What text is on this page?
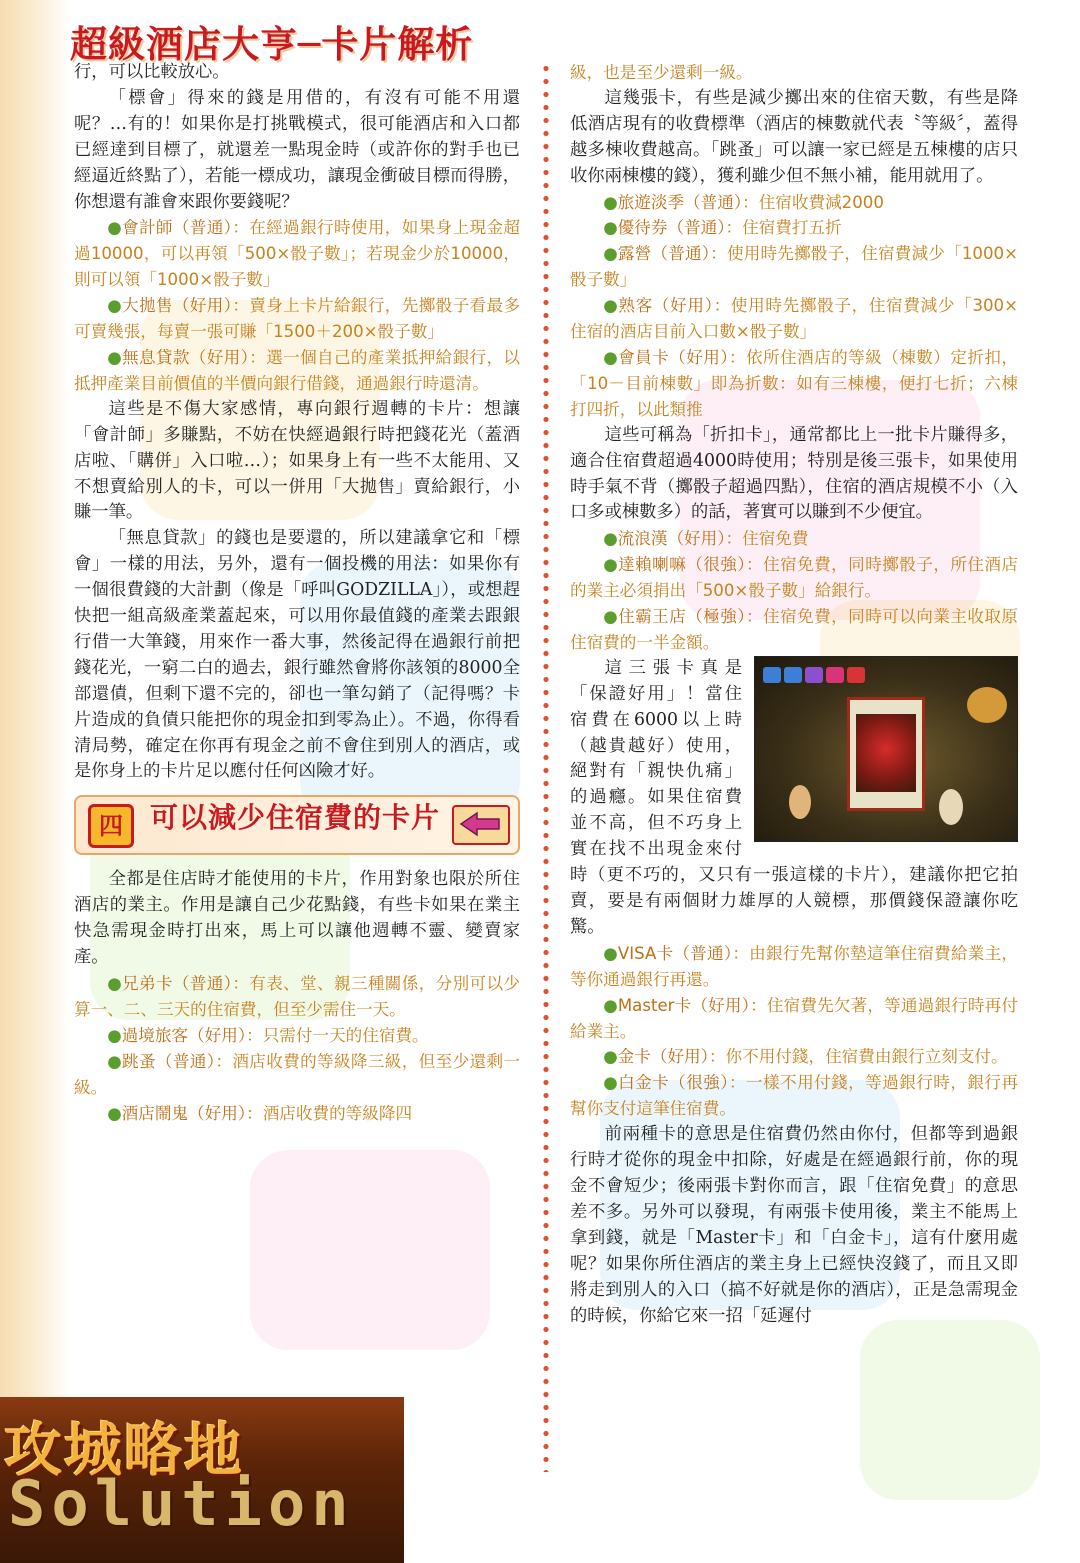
超級酒店大亨─卡片解析

行，可以比較放心。

「標會」得來的錢是用借的，有沒有可能不用還呢？…有的！如果你是打挑戰模式，很可能酒店和入口都已經達到目標了，就還差一點現金時（或許你的對手也已經逼近終點了），若能一標成功，讓現金衝破目標而得勝，你想還有誰會來跟你要錢呢？

●會計師（普通）：在經過銀行時使用，如果身上現金超過10000，可以再領「500×骰子數」；若現金少於10000，則可以領「1000×骰子數」

●大拋售（好用）：賣身上卡片給銀行，先擲骰子看最多可賣幾張，每賣一張可賺「1500＋200×骰子數」

●無息貸款（好用）：選一個自己的產業抵押給銀行，以抵押產業目前價值的半價向銀行借錢，通過銀行時還清。

這些是不傷大家感情，專向銀行週轉的卡片：想讓「會計師」多賺點，不妨在快經過銀行時把錢花光（蓋酒店啦、「購併」入口啦…）；如果身上有一些不太能用、又不想賣給別人的卡，可以一併用「大拋售」賣給銀行，小賺一筆。

「無息貸款」的錢也是要還的，所以建議拿它和「標會」一樣的用法，另外，還有一個投機的用法：如果你有一個很費錢的大計劃（像是「呼叫GODZILLA」），或想趕快把一組高級產業蓋起來，可以用你最值錢的產業去跟銀行借一大筆錢，用來作一番大事，然後記得在過銀行前把錢花光，一窮二白的過去，銀行雖然會將你該領的8000全部還債，但剩下還不完的，卻也一筆勾銷了（記得嗎？卡片造成的負債只能把你的現金扣到零為止）。不過，你得看清局勢，確定在你再有現金之前不會住到別人的酒店，或是你身上的卡片足以應付任何凶險才好。

四 可以減少住宿費的卡片

全都是住店時才能使用的卡片，作用對象也限於所住酒店的業主。作用是讓自己少花點錢，有些卡如果在業主快急需現金時打出來，馬上可以讓他週轉不靈、變賣家產。

●兄弟卡（普通）：有表、堂、親三種關係，分別可以少算一、二、三天的住宿費，但至少需住一天。

●過境旅客（好用）：只需付一天的住宿費。

●跳蚤（普通）：酒店收費的等級降三級，但至少還剩一級。

●酒店鬧鬼（好用）：酒店收費的等級降四

級，也是至少還剩一級。

這幾張卡，有些是減少擲出來的住宿天數，有些是降低酒店現有的收費標準（酒店的棟數就代表〝等級〞，蓋得越多棟收費越高。「跳蚤」可以讓一家已經是五棟樓的店只收你兩棟樓的錢），獲利雖少但不無小補，能用就用了。

●旅遊淡季（普通）：住宿收費減2000

●優待券（普通）：住宿費打五折

●露營（普通）：使用時先擲骰子，住宿費減少「1000×骰子數」

●熟客（好用）：使用時先擲骰子，住宿費減少「300×住宿的酒店目前入口數×骰子數」

●會員卡（好用）：依所住酒店的等級（棟數）定折扣，「10－目前棟數」即為折數：如有三棟樓，便打七折；六棟打四折，以此類推

這些可稱為「折扣卡」，通常都比上一批卡片賺得多，適合住宿費超過4000時使用；特別是後三張卡，如果使用時手氣不背（擲骰子超過四點），住宿的酒店規模不小（入口多或棟數多）的話，著實可以賺到不少便宜。

●流浪漢（好用）：住宿免費

●達賴喇嘛（很強）：住宿免費，同時擲骰子，所住酒店的業主必須捐出「500×骰子數」給銀行。

●住霸王店（極強）：住宿免費，同時可以向業主收取原住宿費的一半金額。

這三張卡真是「保證好用」！當住宿費在6000以上時（越貴越好）使用，絕對有「親快仇痛」的過癮。如果住宿費並不高，但不巧身上實在找不出現金來付時（更不巧的，又只有一張這樣的卡片），建議你把它拍賣，要是有兩個財力雄厚的人競標，那價錢保證讓你吃驚。

●VISA卡（普通）：由銀行先幫你墊這筆住宿費給業主，等你通過銀行再還。

●Master卡（好用）：住宿費先欠著，等通過銀行時再付給業主。

●金卡（好用）：你不用付錢，住宿費由銀行立刻支付。

●白金卡（很強）：一樣不用付錢，等過銀行時，銀行再幫你支付這筆住宿費。

前兩種卡的意思是住宿費仍然由你付，但都等到過銀行時才從你的現金中扣除，好處是在經過銀行前，你的現金不會短少；後兩張卡對你而言，跟「住宿免費」的意思差不多。另外可以發現，有兩張卡使用後，業主不能馬上拿到錢，就是「Master卡」和「白金卡」，這有什麼用處呢？如果你所住酒店的業主身上已經快沒錢了，而且又即將走到別人的入口（搞不好就是你的酒店），正是急需現金的時候，你給它來一招「延遲付

攻城略地
Solution
